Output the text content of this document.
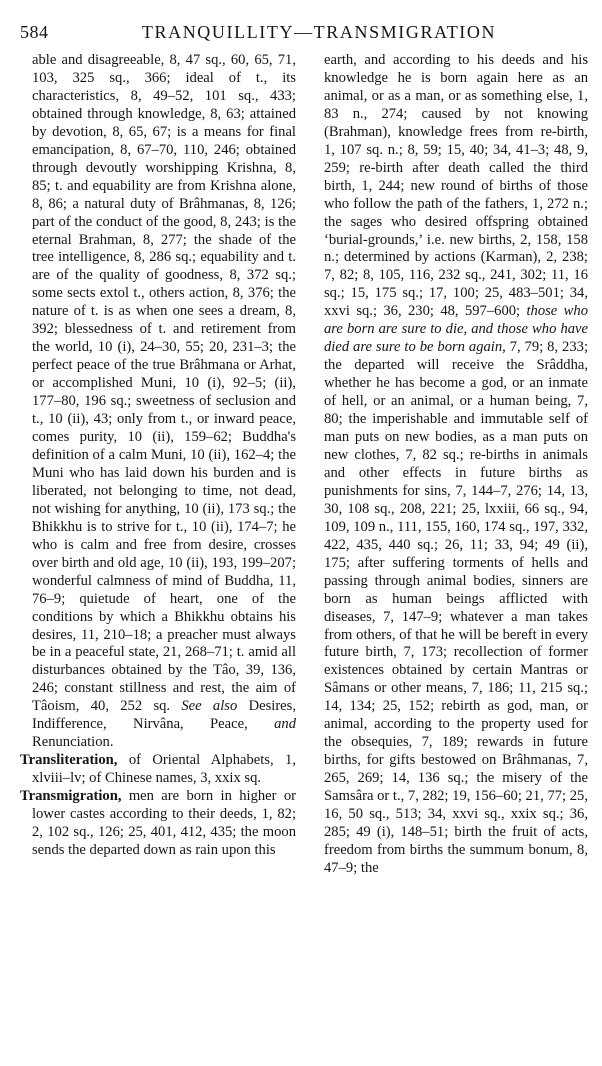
584	TRANQUILLITY—TRANSMIGRATION

able and disagreeable, 8, 47 sq., 60, 65, 71, 103, 325 sq., 366; ideal of t., its characteristics, 8, 49–52, 101 sq., 433; obtained through knowledge, 8, 63; attained by devotion, 8, 65, 67; is a means for final emancipation, 8, 67–70, 110, 246; obtained through devoutly worshipping Krishna, 8, 85; t. and equability are from Krishna alone, 8, 86; a natural duty of Brâhmanas, 8, 126; part of the conduct of the good, 8, 243; is the eternal Brahman, 8, 277; the shade of the tree intelligence, 8, 286 sq.; equability and t. are of the quality of goodness, 8, 372 sq.; some sects extol t., others action, 8, 376; the nature of t. is as when one sees a dream, 8, 392; blessedness of t. and retirement from the world, 10 (i), 24–30, 55; 20, 231–3; the perfect peace of the true Brâhmana or Arhat, or accomplished Muni, 10 (i), 92–5; (ii), 177–80, 196 sq.; sweetness of seclusion and t., 10 (ii), 43; only from t., or inward peace, comes purity, 10 (ii), 159–62; Buddha's definition of a calm Muni, 10 (ii), 162–4; the Muni who has laid down his burden and is liberated, not belonging to time, not dead, not wishing for anything, 10 (ii), 173 sq.; the Bhikkhu is to strive for t., 10 (ii), 174–7; he who is calm and free from desire, crosses over birth and old age, 10 (ii), 193, 199–207; wonderful calmness of mind of Buddha, 11, 76–9; quietude of heart, one of the conditions by which a Bhikkhu obtains his desires, 11, 210–18; a preacher must always be in a peaceful state, 21, 268–71; t. amid all disturbances obtained by the Tâo, 39, 136, 246; constant stillness and rest, the aim of Tâoism, 40, 252 sq. See also Desires, Indifference, Nirvâna, Peace, and Renunciation.

Transliteration, of Oriental Alphabets, 1, xlviii–lv; of Chinese names, 3, xxix sq.

Transmigration, men are born in higher or lower castes according to their deeds, 1, 82; 2, 102 sq., 126; 25, 401, 412, 435; the moon sends the departed down as rain upon this

earth, and according to his deeds and his knowledge he is born again here as an animal, or as a man, or as something else, 1, 83 n., 274; caused by not knowing (Brahman), knowledge frees from re-birth, 1, 107 sq. n.; 8, 59; 15, 40; 34, 41–3; 48, 9, 259; re-birth after death called the third birth, 1, 244; new round of births of those who follow the path of the fathers, 1, 272 n.; the sages who desired offspring obtained ‘burial-grounds,’ i.e. new births, 2, 158, 158 n.; determined by actions (Karman), 2, 238; 7, 82; 8, 105, 116, 232 sq., 241, 302; 11, 16 sq.; 15, 175 sq.; 17, 100; 25, 483–501; 34, xxvi sq.; 36, 230; 48, 597–600; those who are born are sure to die, and those who have died are sure to be born again, 7, 79; 8, 233; the departed will receive the Srâddha, whether he has become a god, or an inmate of hell, or an animal, or a human being, 7, 80; the imperishable and immutable self of man puts on new bodies, as a man puts on new clothes, 7, 82 sq.; re-births in animals and other effects in future births as punishments for sins, 7, 144–7, 276; 14, 13, 30, 108 sq., 208, 221; 25, lxxiii, 66 sq., 94, 109, 109 n., 111, 155, 160, 174 sq., 197, 332, 422, 435, 440 sq.; 26, 11; 33, 94; 49 (ii), 175; after suffering torments of hells and passing through animal bodies, sinners are born as human beings afflicted with diseases, 7, 147–9; whatever a man takes from others, of that he will be bereft in every future birth, 7, 173; recollection of former existences obtained by certain Mantras or Sâmans or other means, 7, 186; 11, 215 sq.; 14, 134; 25, 152; rebirth as god, man, or animal, according to the property used for the obsequies, 7, 189; rewards in future births, for gifts bestowed on Brâhmanas, 7, 265, 269; 14, 136 sq.; the misery of the Samsâra or t., 7, 282; 19, 156–60; 21, 77; 25, 16, 50 sq., 513; 34, xxvi sq., xxix sq.; 36, 285; 49 (i), 148–51; birth the fruit of acts, freedom from births the summum bonum, 8, 47–9; the
